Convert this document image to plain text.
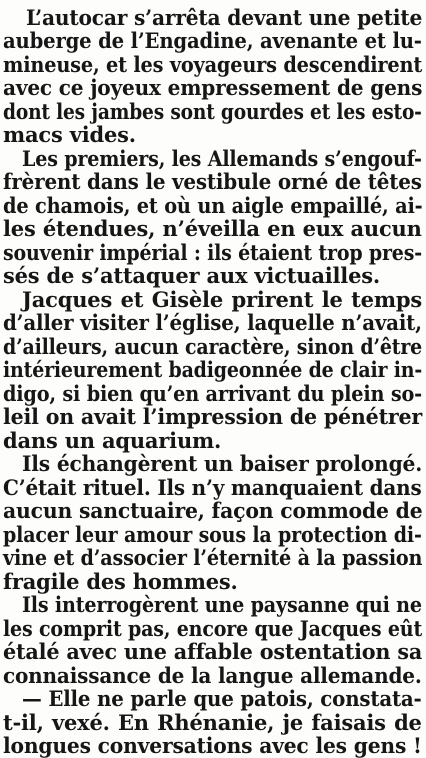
L’autocar s’arrêta devant une petite
auberge de l’Engadine, avenante et lu-
mineuse, et les voyageurs descendirent
avec ce joyeux empressement de gens
dont les jambes sont gourdes et les esto-
macs vides.
Les premiers, les Allemands s’engouf-
frèrent dans le vestibule orné de têtes
de chamois, et où un aigle empaillé, ai-
les étendues, n’éveilla en eux aucun
souvenir impérial : ils étaient trop pres-
sés de s’attaquer aux victuailles.
Jacques et Gisèle prirent le temps
d’aller visiter l’église, laquelle n’avait,
d’ailleurs, aucun caractère, sinon d’être
intérieurement badigeonnée de clair in-
digo, si bien qu’en arrivant du plein so-
leil on avait l’impression de pénétrer
dans un aquarium.
Ils échangèrent un baiser prolongé.
C’était rituel. Ils n’y manquaient dans
aucun sanctuaire, façon commode de
placer leur amour sous la protection di-
vine et d’associer l’éternité à la passion
fragile des hommes.
Ils interrogèrent une paysanne qui ne
les comprit pas, encore que Jacques eût
étalé avec une affable ostentation sa
connaissance de la langue allemande.
— Elle ne parle que patois, constata-
t-il, vexé. En Rhénanie, je faisais de
longues conversations avec les gens !
